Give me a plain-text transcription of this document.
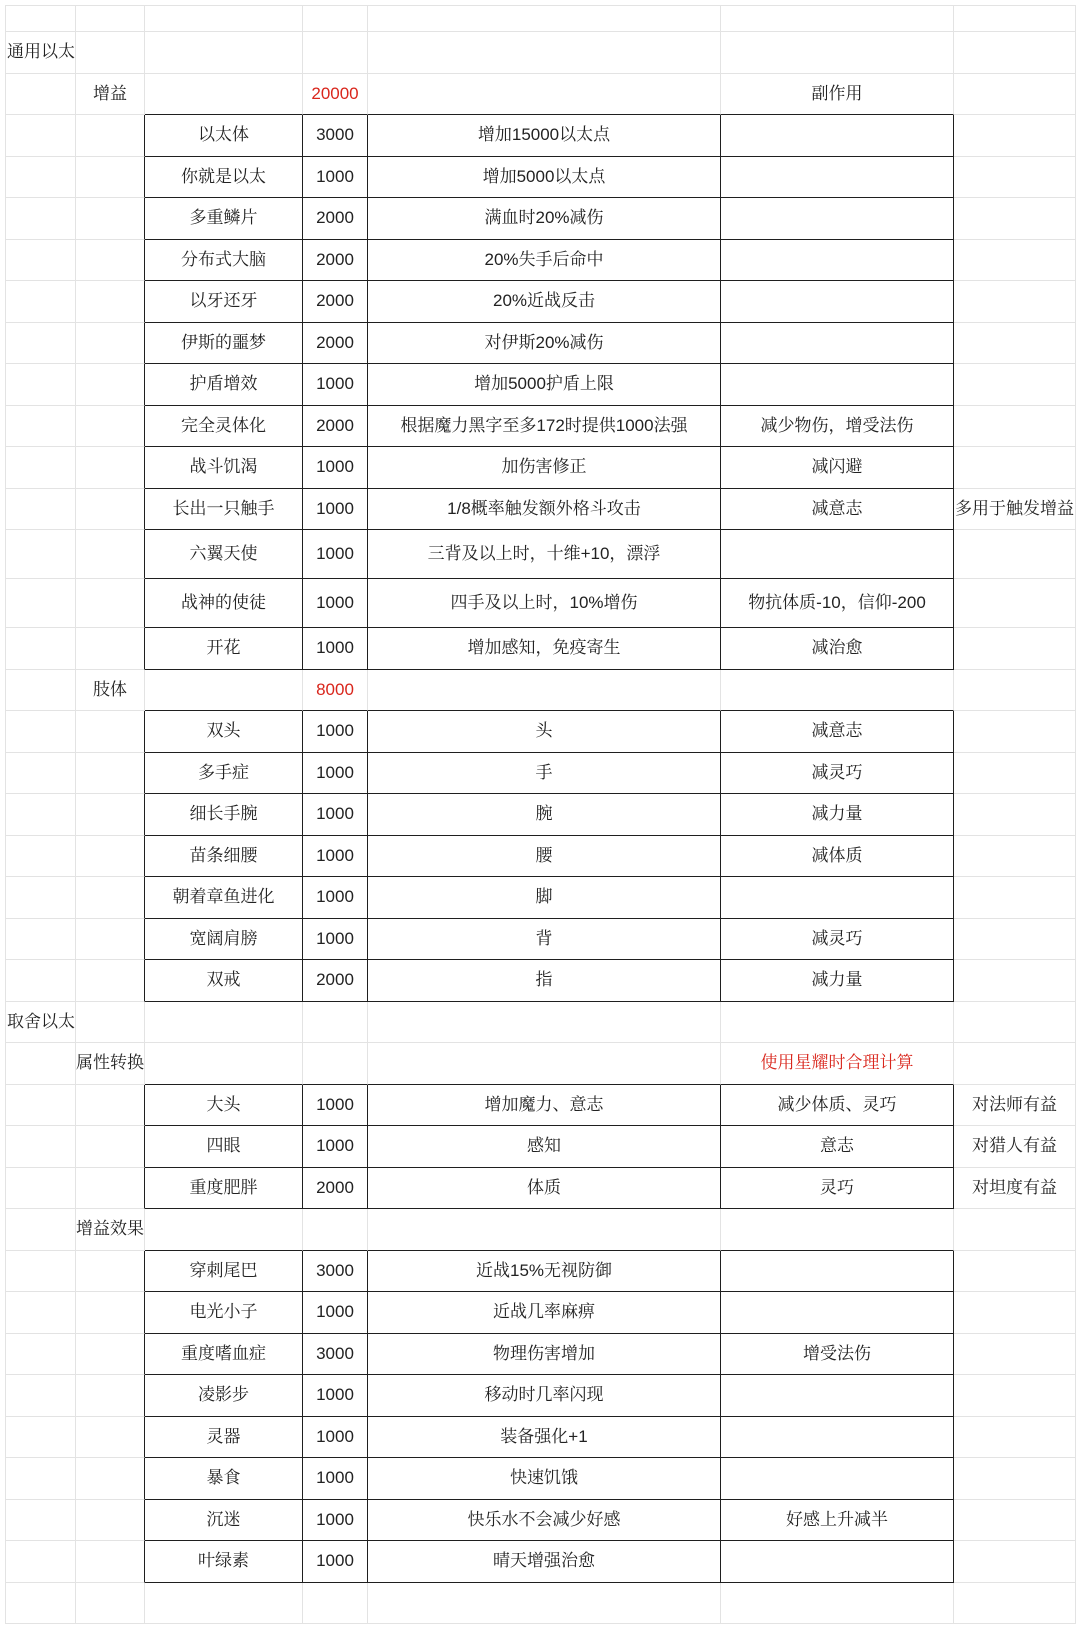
通用以太						
	增益		20000		副作用	
		以太体	3000	增加15000以太点		
		你就是以太	1000	增加5000以太点		
		多重鳞片	2000	满血时20%减伤		
		分布式大脑	2000	20%失手后命中		
		以牙还牙	2000	20%近战反击		
		伊斯的噩梦	2000	对伊斯20%减伤		
		护盾增效	1000	增加5000护盾上限		
		完全灵体化	2000	根据魔力黑字至多172时提供1000法强	减少物伤，增受法伤	
		战斗饥渴	1000	加伤害修正	减闪避	
		长出一只触手	1000	1/8概率触发额外格斗攻击	减意志	多用于触发增益
		六翼天使	1000	三背及以上时，十维+10，漂浮		
		战神的使徒	1000	四手及以上时，10%增伤	物抗体质-10，信仰-200	
		开花	1000	增加感知，免疫寄生	减治愈	
	肢体		8000			
		双头	1000	头	减意志	
		多手症	1000	手	减灵巧	
		细长手腕	1000	腕	减力量	
		苗条细腰	1000	腰	减体质	
		朝着章鱼进化	1000	脚		
		宽阔肩膀	1000	背	减灵巧	
		双戒	2000	指	减力量	
取舍以太						
	属性转换				使用星耀时合理计算	
		大头	1000	增加魔力、意志	减少体质、灵巧	对法师有益
		四眼	1000	感知	意志	对猎人有益
		重度肥胖	2000	体质	灵巧	对坦度有益
	增益效果					
		穿刺尾巴	3000	近战15%无视防御		
		电光小子	1000	近战几率麻痹		
		重度嗜血症	3000	物理伤害增加	增受法伤	
		凌影步	1000	移动时几率闪现		
		灵器	1000	装备强化+1		
		暴食	1000	快速饥饿		
		沉迷	1000	快乐水不会减少好感	好感上升减半	
		叶绿素	1000	晴天增强治愈		
